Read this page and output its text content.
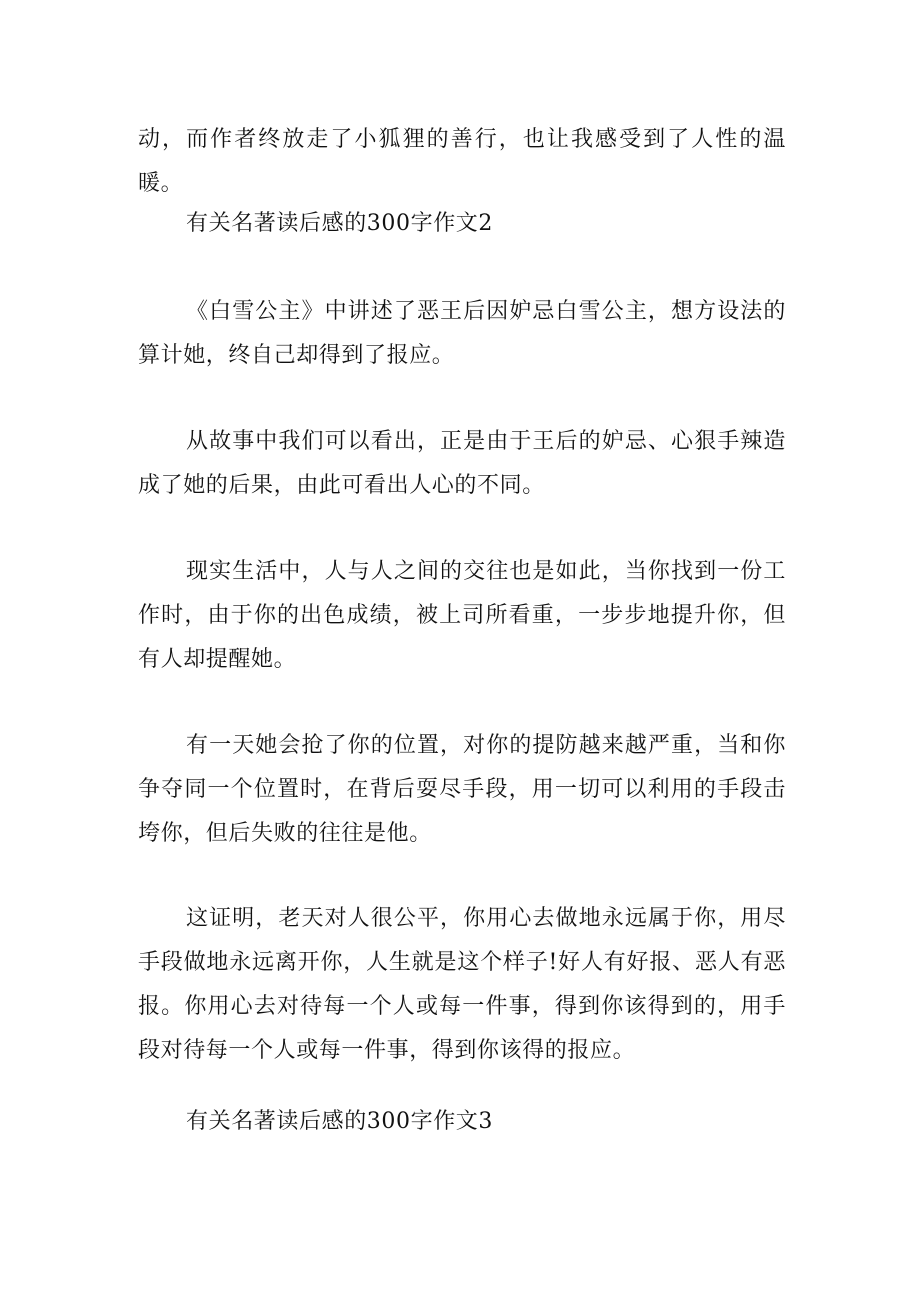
动，而作者终放走了小狐狸的善行，也让我感受到了人性的温暖。

有关名著读后感的300字作文2

《白雪公主》中讲述了恶王后因妒忌白雪公主，想方设法的算计她，终自己却得到了报应。

从故事中我们可以看出，正是由于王后的妒忌、心狠手辣造成了她的后果，由此可看出人心的不同。

现实生活中，人与人之间的交往也是如此，当你找到一份工作时，由于你的出色成绩，被上司所看重，一步步地提升你，但有人却提醒她。

有一天她会抢了你的位置，对你的提防越来越严重，当和你争夺同一个位置时，在背后耍尽手段，用一切可以利用的手段击垮你，但后失败的往往是他。

这证明，老天对人很公平，你用心去做地永远属于你，用尽手段做地永远离开你，人生就是这个样子!好人有好报、恶人有恶报。你用心去对待每一个人或每一件事，得到你该得到的，用手段对待每一个人或每一件事，得到你该得的报应。

有关名著读后感的300字作文3
